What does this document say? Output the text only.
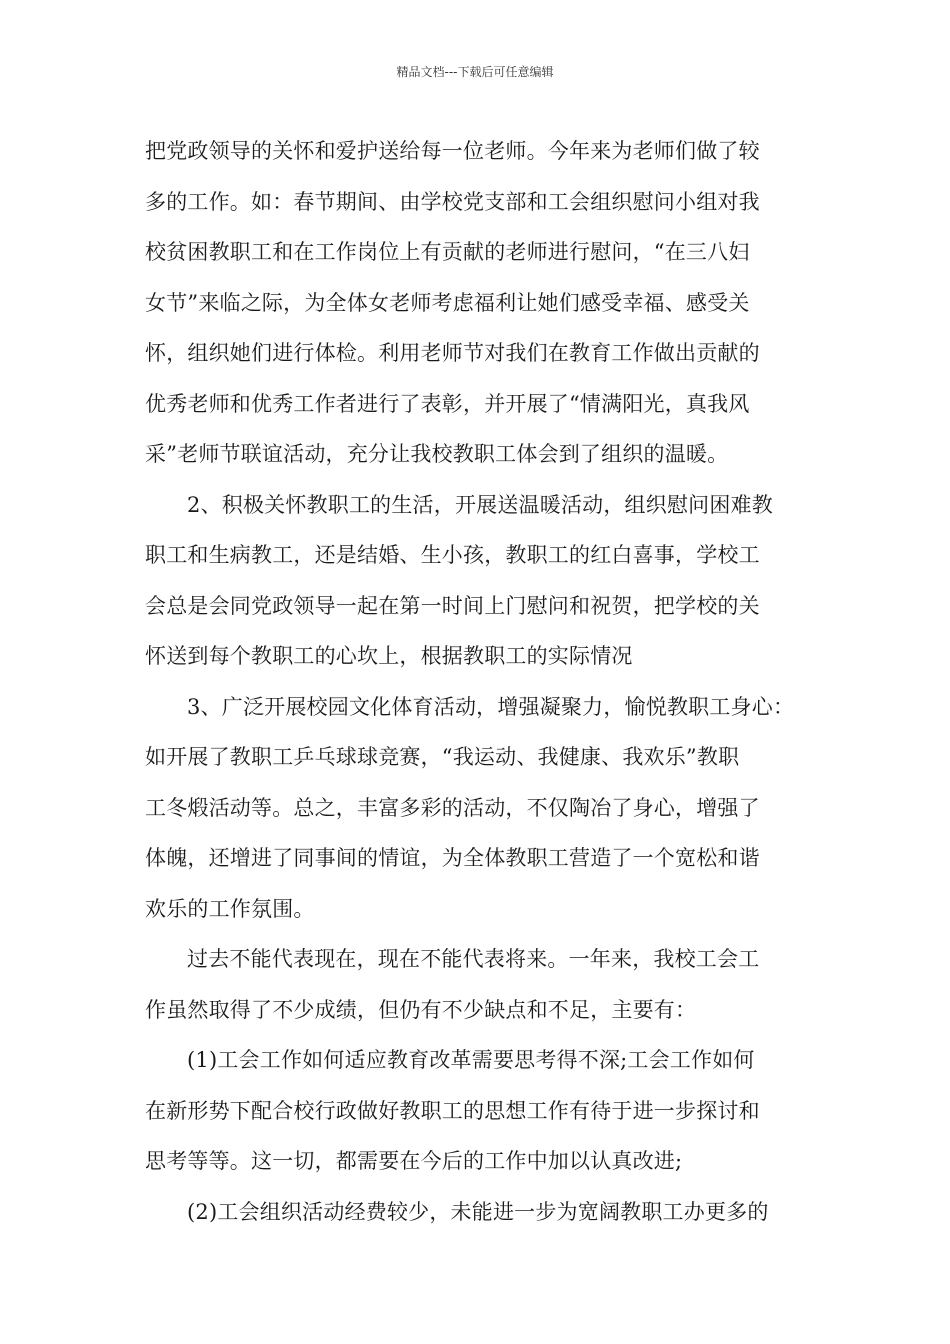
精品文档---下载后可任意编辑
把党政领导的关怀和爱护送给每一位老师。今年来为老师们做了较
多的工作。如：春节期间、由学校党支部和工会组织慰问小组对我
校贫困教职工和在工作岗位上有贡献的老师进行慰问，“在三八妇
女节”来临之际，为全体女老师考虑福利让她们感受幸福、感受关
怀，组织她们进行体检。利用老师节对我们在教育工作做出贡献的
优秀老师和优秀工作者进行了表彰，并开展了“情满阳光，真我风
采”老师节联谊活动，充分让我校教职工体会到了组织的温暖。
2、积极关怀教职工的生活，开展送温暖活动，组织慰问困难教
职工和生病教工，还是结婚、生小孩，教职工的红白喜事，学校工
会总是会同党政领导一起在第一时间上门慰问和祝贺，把学校的关
怀送到每个教职工的心坎上，根据教职工的实际情况
3、广泛开展校园文化体育活动，增强凝聚力，愉悦教职工身心：
如开展了教职工乒乓球球竞赛，“我运动、我健康、我欢乐”教职
工冬煅活动等。总之，丰富多彩的活动，不仅陶冶了身心，增强了
体魄，还增进了同事间的情谊，为全体教职工营造了一个宽松和谐
欢乐的工作氛围。
过去不能代表现在，现在不能代表将来。一年来，我校工会工
作虽然取得了不少成绩，但仍有不少缺点和不足，主要有：
(1)工会工作如何适应教育改革需要思考得不深;工会工作如何
在新形势下配合校行政做好教职工的思想工作有待于进一步探讨和
思考等等。这一切，都需要在今后的工作中加以认真改进;
(2)工会组织活动经费较少，未能进一步为宽阔教职工办更多的
